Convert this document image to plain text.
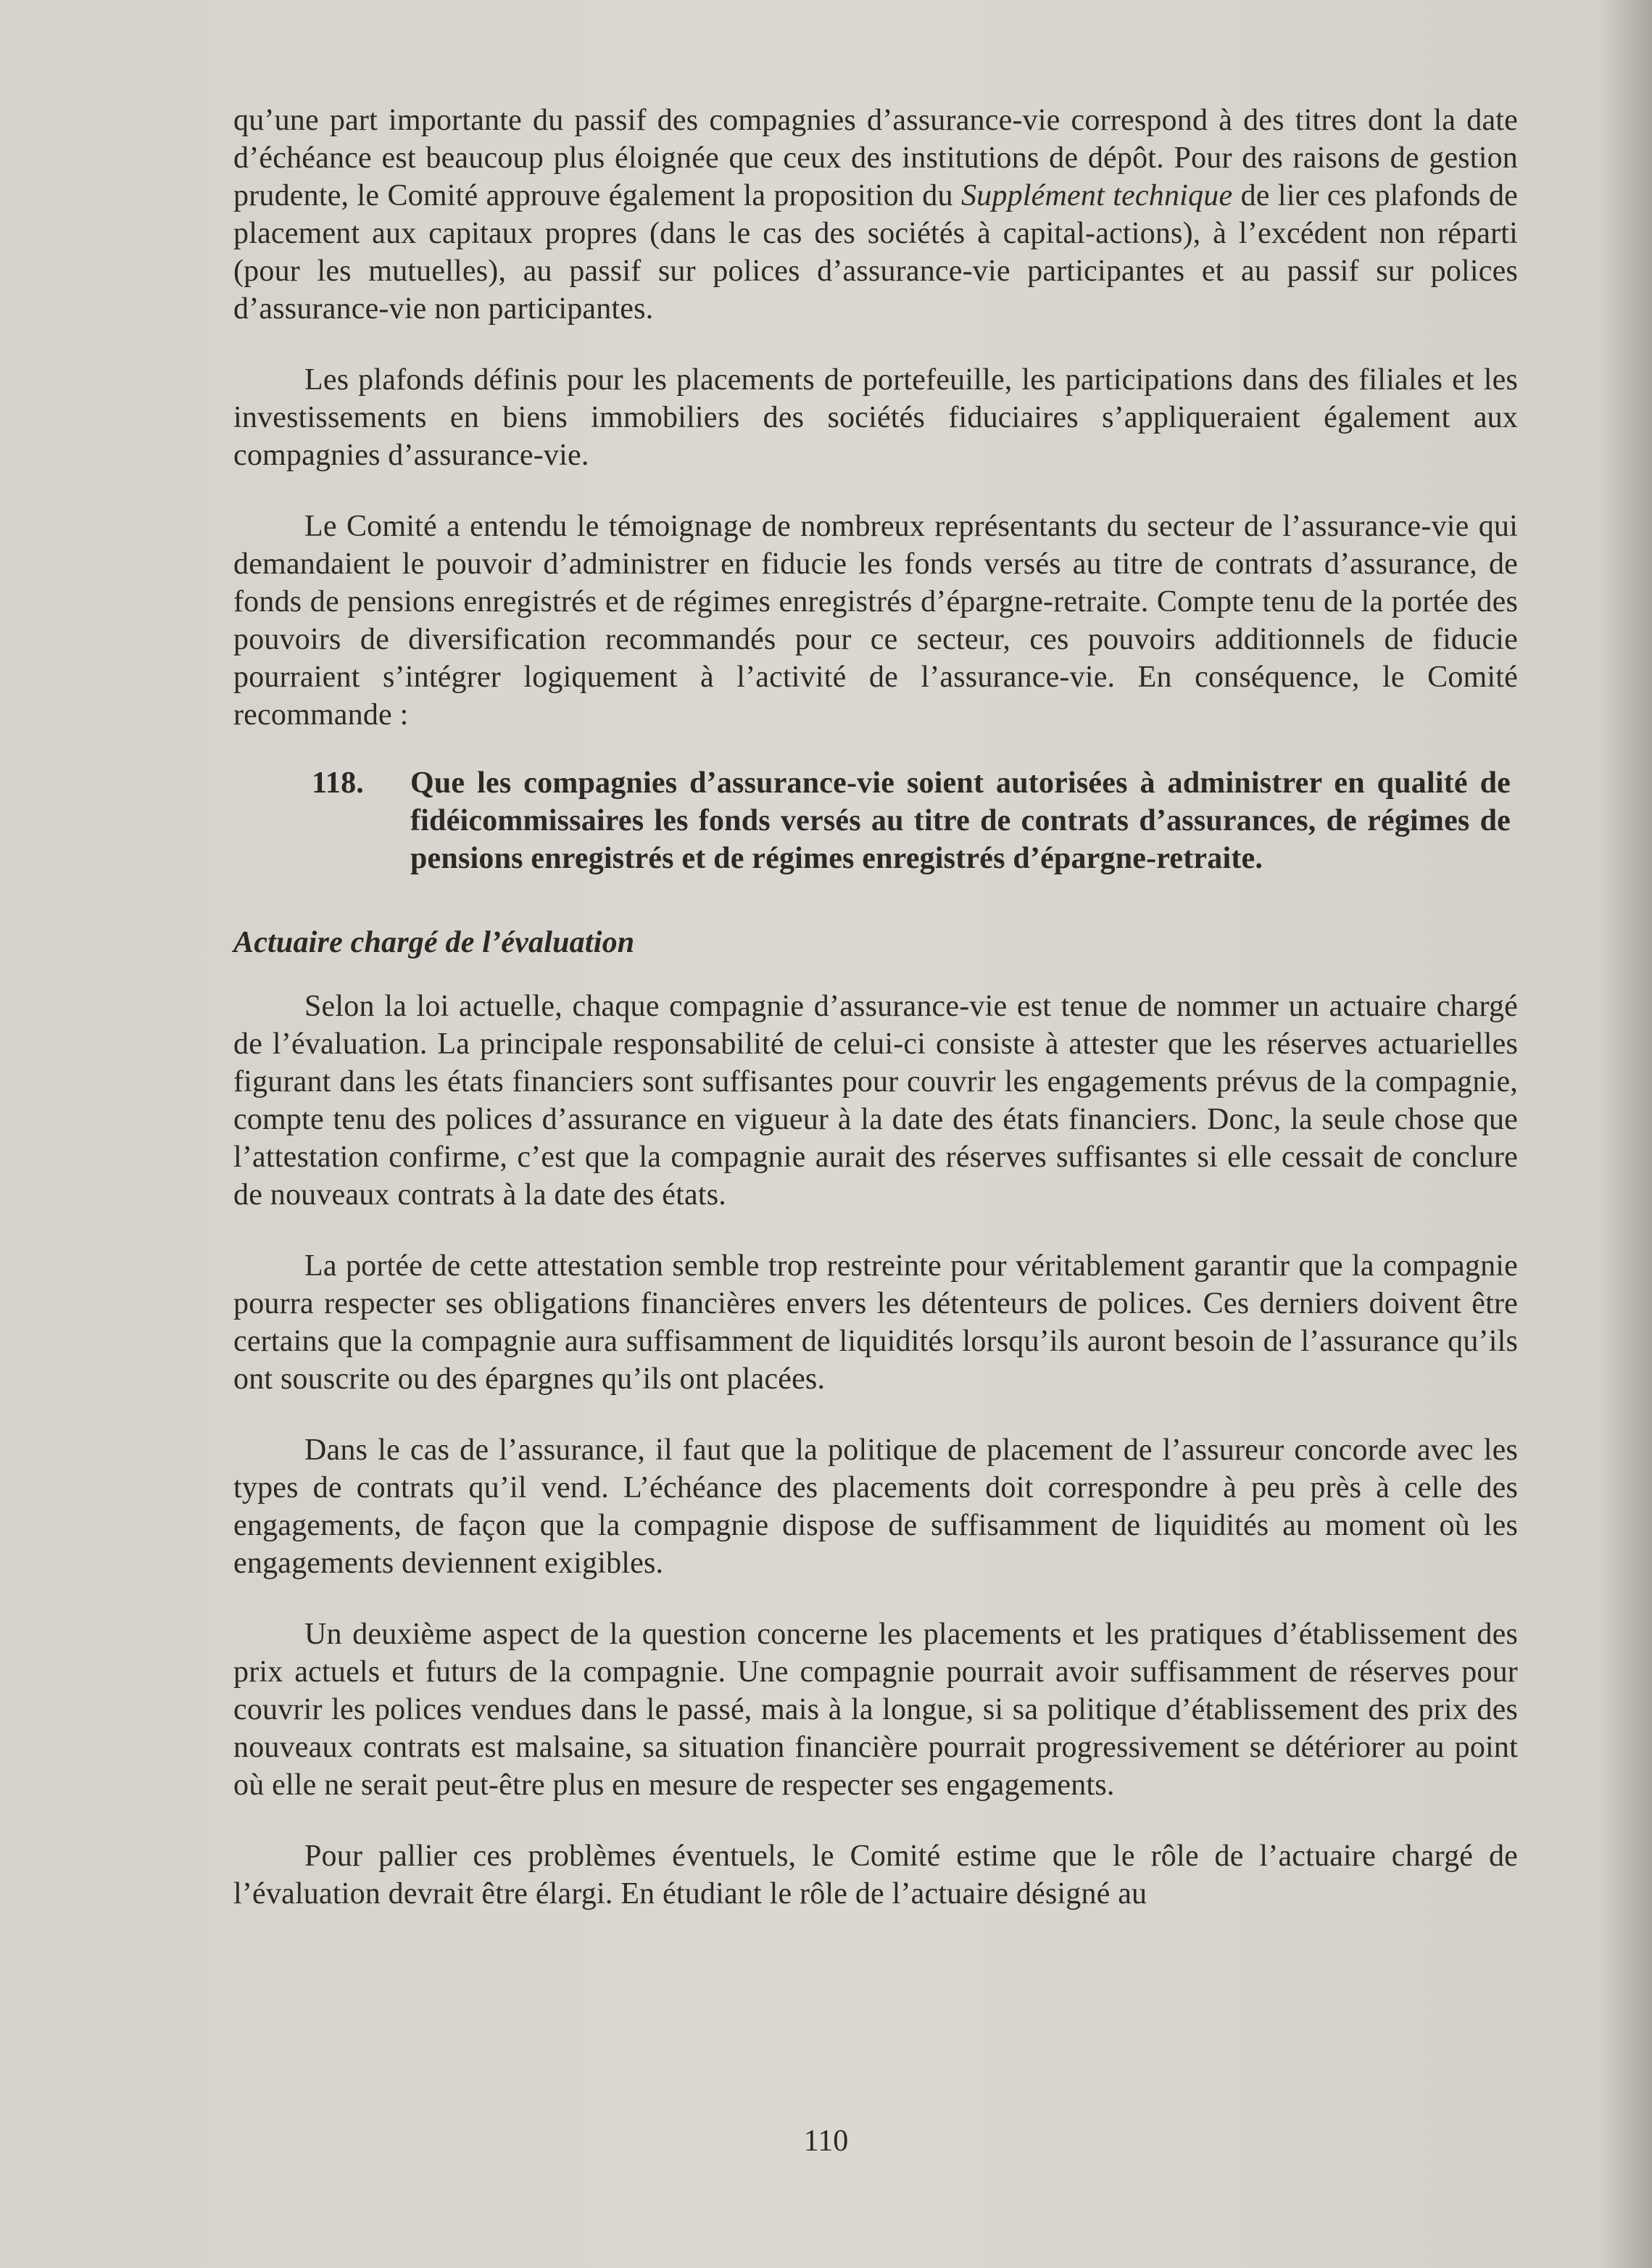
qu’une part importante du passif des compagnies d’assurance-vie correspond à des titres dont la date d’échéance est beaucoup plus éloignée que ceux des institutions de dépôt. Pour des raisons de gestion prudente, le Comité approuve également la proposition du Supplément technique de lier ces plafonds de placement aux capitaux propres (dans le cas des sociétés à capital-actions), à l’excédent non réparti (pour les mutuelles), au passif sur polices d’assurance-vie participantes et au passif sur polices d’assurance-vie non participantes.

Les plafonds définis pour les placements de portefeuille, les participations dans des filiales et les investissements en biens immobiliers des sociétés fiduciaires s’appliqueraient également aux compagnies d’assurance-vie.

Le Comité a entendu le témoignage de nombreux représentants du secteur de l’assurance-vie qui demandaient le pouvoir d’administrer en fiducie les fonds versés au titre de contrats d’assurance, de fonds de pensions enregistrés et de régimes enregistrés d’épargne-retraite. Compte tenu de la portée des pouvoirs de diversification recommandés pour ce secteur, ces pouvoirs additionnels de fiducie pourraient s’intégrer logiquement à l’activité de l’assurance-vie. En conséquence, le Comité recommande :

118.	Que les compagnies d’assurance-vie soient autorisées à administrer en qualité de fidéicommissaires les fonds versés au titre de contrats d’assurances, de régimes de pensions enregistrés et de régimes enregistrés d’épargne-retraite.
Actuaire chargé de l’évaluation

Selon la loi actuelle, chaque compagnie d’assurance-vie est tenue de nommer un actuaire chargé de l’évaluation. La principale responsabilité de celui-ci consiste à attester que les réserves actuarielles figurant dans les états financiers sont suffisantes pour couvrir les engagements prévus de la compagnie, compte tenu des polices d’assurance en vigueur à la date des états financiers. Donc, la seule chose que l’attestation confirme, c’est que la compagnie aurait des réserves suffisantes si elle cessait de conclure de nouveaux contrats à la date des états.

La portée de cette attestation semble trop restreinte pour véritablement garantir que la compagnie pourra respecter ses obligations financières envers les détenteurs de polices. Ces derniers doivent être certains que la compagnie aura suffisamment de liquidités lorsqu’ils auront besoin de l’assurance qu’ils ont souscrite ou des épargnes qu’ils ont placées.

Dans le cas de l’assurance, il faut que la politique de placement de l’assureur concorde avec les types de contrats qu’il vend. L’échéance des placements doit correspondre à peu près à celle des engagements, de façon que la compagnie dispose de suffisamment de liquidités au moment où les engagements deviennent exigibles.

Un deuxième aspect de la question concerne les placements et les pratiques d’établissement des prix actuels et futurs de la compagnie. Une compagnie pourrait avoir suffisamment de réserves pour couvrir les polices vendues dans le passé, mais à la longue, si sa politique d’établissement des prix des nouveaux contrats est malsaine, sa situation financière pourrait progressivement se détériorer au point où elle ne serait peut-être plus en mesure de respecter ses engagements.

Pour pallier ces problèmes éventuels, le Comité estime que le rôle de l’actuaire chargé de l’évaluation devrait être élargi. En étudiant le rôle de l’actuaire désigné au

110
